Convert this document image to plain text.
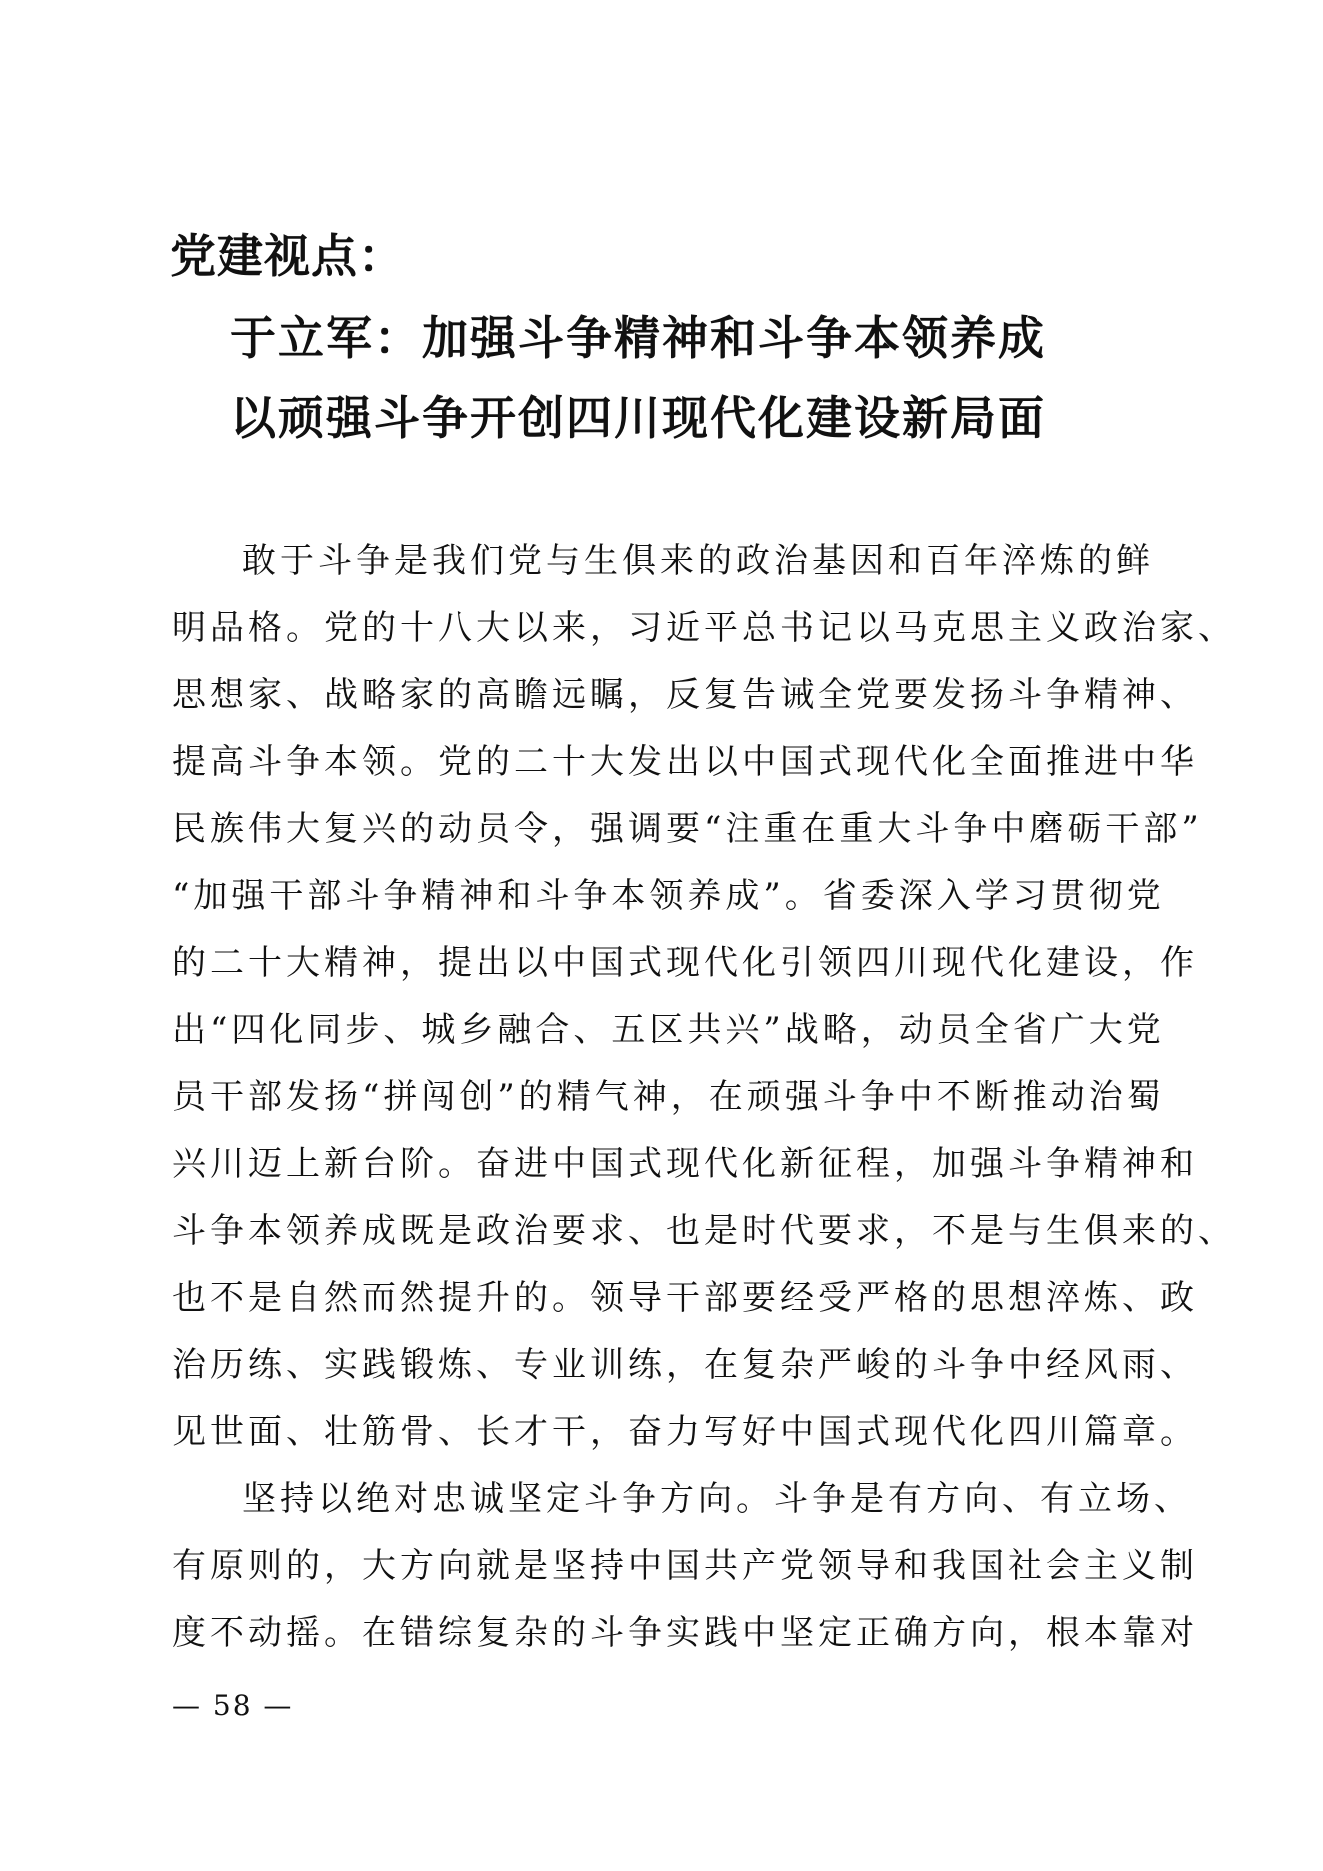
党建视点：
于立军：加强斗争精神和斗争本领养成
以顽强斗争开创四川现代化建设新局面
敢于斗争是我们党与生俱来的政治基因和百年淬炼的鲜
明品格。党的十八大以来，习近平总书记以马克思主义政治家、
思想家、战略家的高瞻远瞩，反复告诫全党要发扬斗争精神、
提高斗争本领。党的二十大发出以中国式现代化全面推进中华
民族伟大复兴的动员令，强调要“注重在重大斗争中磨砺干部”
“加强干部斗争精神和斗争本领养成”。省委深入学习贯彻党
的二十大精神，提出以中国式现代化引领四川现代化建设，作
出“四化同步、城乡融合、五区共兴”战略，动员全省广大党
员干部发扬“拼闯创”的精气神，在顽强斗争中不断推动治蜀
兴川迈上新台阶。奋进中国式现代化新征程，加强斗争精神和
斗争本领养成既是政治要求、也是时代要求，不是与生俱来的、
也不是自然而然提升的。领导干部要经受严格的思想淬炼、政
治历练、实践锻炼、专业训练，在复杂严峻的斗争中经风雨、
见世面、壮筋骨、长才干，奋力写好中国式现代化四川篇章。
坚持以绝对忠诚坚定斗争方向。斗争是有方向、有立场、
有原则的，大方向就是坚持中国共产党领导和我国社会主义制
度不动摇。在错综复杂的斗争实践中坚定正确方向，根本靠对
— 58 —
